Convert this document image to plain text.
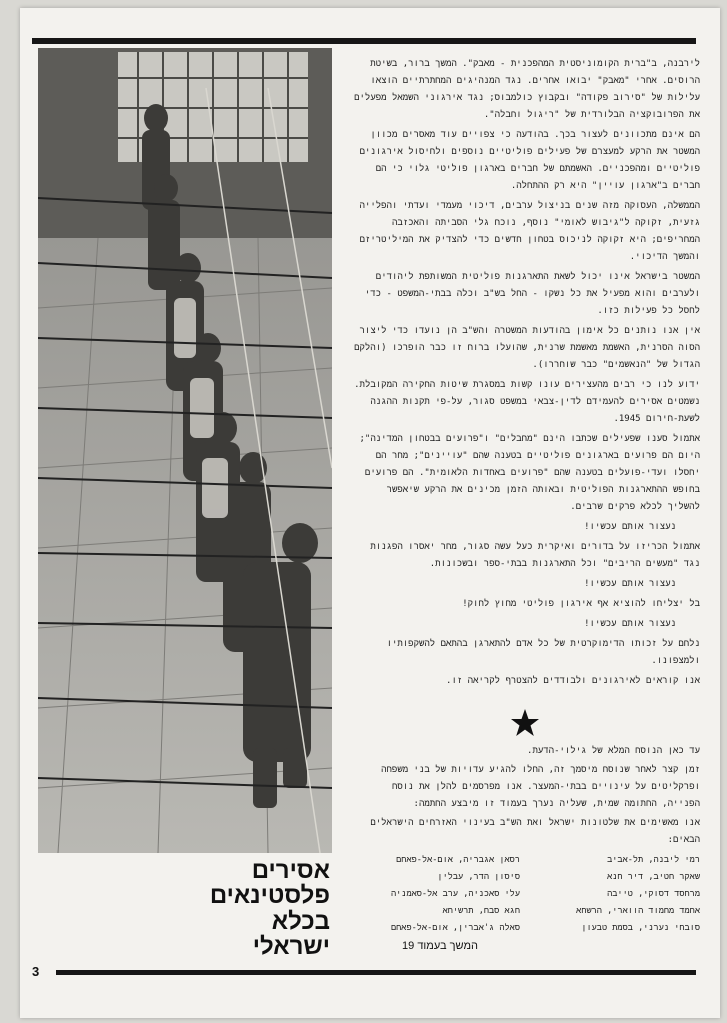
אסירים
פלסטינאים
בכלא
ישראלי

לירבנה, ב"ברית הקומוניסטית המהפכנית - מאבק". המשך ברור, בשיטת הרוסים. אחרי "מאבק" יבואו אחרים. נגד המנהיגים המחתרתיים הוצאו עלילות של "סירוב פקודה" ובקבוץ כולמבוס; נגד אירגוני השמאל מפעלים את הפרובוקציה הבלורדית של "ריגול וחבלה".

הם אינם מתכוונים לעצור בכך. בהודעה כי צפויים עוד מאסרים מכוון המשטר את הרקע למעצרם של פעילים פוליטיים נוספים ולחיסול אירגונים פוליטיים ומהפכניים. האשמתם של חברים בארגון פוליטי גלוי כי הם חברים ב"ארגון עויין" היא רק ההתחלה.

הממשלה, העסוקה מזה שנים בניצול ערבים, דיכוי מעמדי ועדתי והפלייה גזעית, זקוקה ל"גיבוש לאומי" נוסף, נוכח גלי הסביתה והאכזבה המחריפים; היא זקוקה לניכוס בטחון חדשים כדי להצדיק את המיליטריזם והמשך הדיכוי.

המשטר בישראל אינו יכול לשאת התארגנות פוליטית המשותפת ליהודים ולערבים והוא מפעיל את כל נשקו - החל בש"ב וכלה בבתי-המשפט - כדי לחסל כל פעילות כזו.

אין אנו נותנים כל אימון בהודעות המשטרה והש"ב הן נועדו כדי ליצור הסוה הסרנית, האשמת מאשמת שרנית, שהועלו ברוח זו כבר הופרכו (והלקם הגדול של "הנאשמים" כבר שוחררו).

ידוע לנו כי רבים מהעצירים עונו קשות במסגרת שיטות החקירה המקובלת. נשמטים אסירים להעמידם לדין-צבאי במשפט סגור, על-פי תקנות ההגנה לשעת-חירום 1945.

אתמול סענו שפעילים שכתבו הינם "מחבלים" ו"פרועים בבטחון המדינה"; היום הם פרועים בארגונים פוליטיים בטענה שהם "עויינים"; מחר הם יחסלו ועדי-פועלים בטענה שהם "פרועים באחדות הלאומית". הם פרועים בחופש ההתארגנות הפוליטית ובאותה הזמן מכינים את הרקע שיאפשר להשליך לכלא פרקים שרבים.

נעצור אותם עכשיו!

אתמול הכריזו על בדורים ואיקרית כעל עשה סגור, מחר יאסרו הפגנות נגד "מעשים הריבים" וכל התארגנות בבתי-ספר ובשכונות.

נעצור אותם עכשיו!

בל יצליחו להוציא אף אירגון פוליטי מחוץ לחוק!

נעצור אותם עכשיו!

נלחם על זכותו הדימוקרטית של כל אדם להתארגן בהתאם להשקפותיו ולמצפונו.

אנו קוראים לאירגונים ולבודדים להצטרף לקריאה זו.

עד כאן הנוסח המלא של גילוי-הדעת.

זמן קצר לאחר שנוסח מיסמך זה, החלו להגיע עדויות של בני משפחה ופרקליטים על עינויים בבתי-המעצר. אנו מפרסמים להלן את נוסח הפנייה, החתומה שמית, שעליה נערך בעמוד זו מיבצע החתמה:

אנו מאשימים את שלטונות ישראל ואת הש"ב בעינוי האזרחים הישראלים הבאים:

רמי ליבנה, תל-אביב
שאקר חטיב, דיר חנא
מרחסד דסוקי, טייבה
אחמד מחמוד הווארי, הרשחא
סובחי נערני, בסמת טבעון
רסאן אגבריה, אום-אל-פאחם
סיסון הדר, עבלין
עלי סאכניה, ערב אל-סאמניה
חגא סבח, תרשיחא
סאלה ג'אברין, אום-אל-פאחם
המשך בעמוד 19
3
